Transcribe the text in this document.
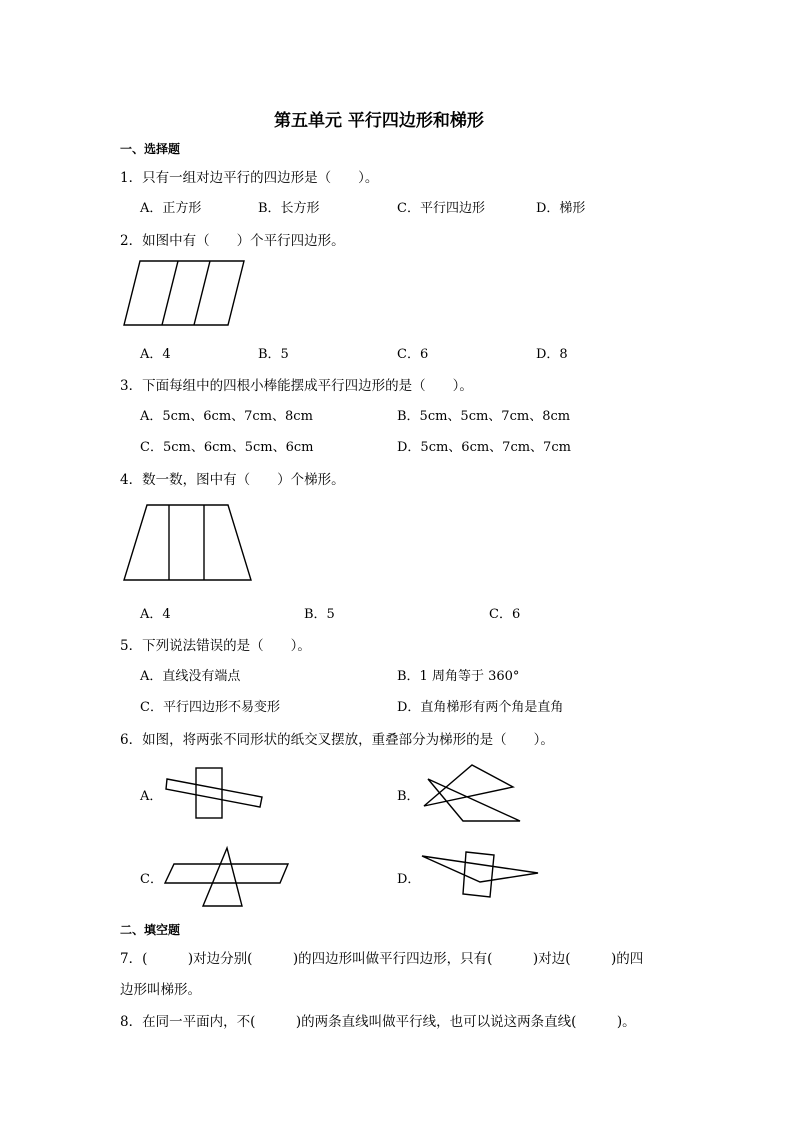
第五单元 平行四边形和梯形
一、选择题
1．只有一组对边平行的四边形是（　　）。
A．正方形	B．长方形	C．平行四边形	D．梯形
2．如图中有（　　）个平行四边形。
A．4	B．5	C．6	D．8
3．下面每组中的四根小棒能摆成平行四边形的是（　　）。
A．5cm、6cm、7cm、8cm	B．5cm、5cm、7cm、8cm
C．5cm、6cm、5cm、6cm	D．5cm、6cm、7cm、7cm
4．数一数，图中有（　　）个梯形。
A．4	B．5	C．6
5．下列说法错误的是（　　）。
A．直线没有端点	B．1 周角等于 360°
C．平行四边形不易变形	D．直角梯形有两个角是直角
6．如图，将两张不同形状的纸交叉摆放，重叠部分为梯形的是（　　）。
A．	B．
C．	D．
二、填空题
7．(　　　)对边分别(　　　)的四边形叫做平行四边形，只有(　　　)对边(　　　)的四
边形叫梯形。
8．在同一平面内，不(　　　)的两条直线叫做平行线，也可以说这两条直线(　　　)。
